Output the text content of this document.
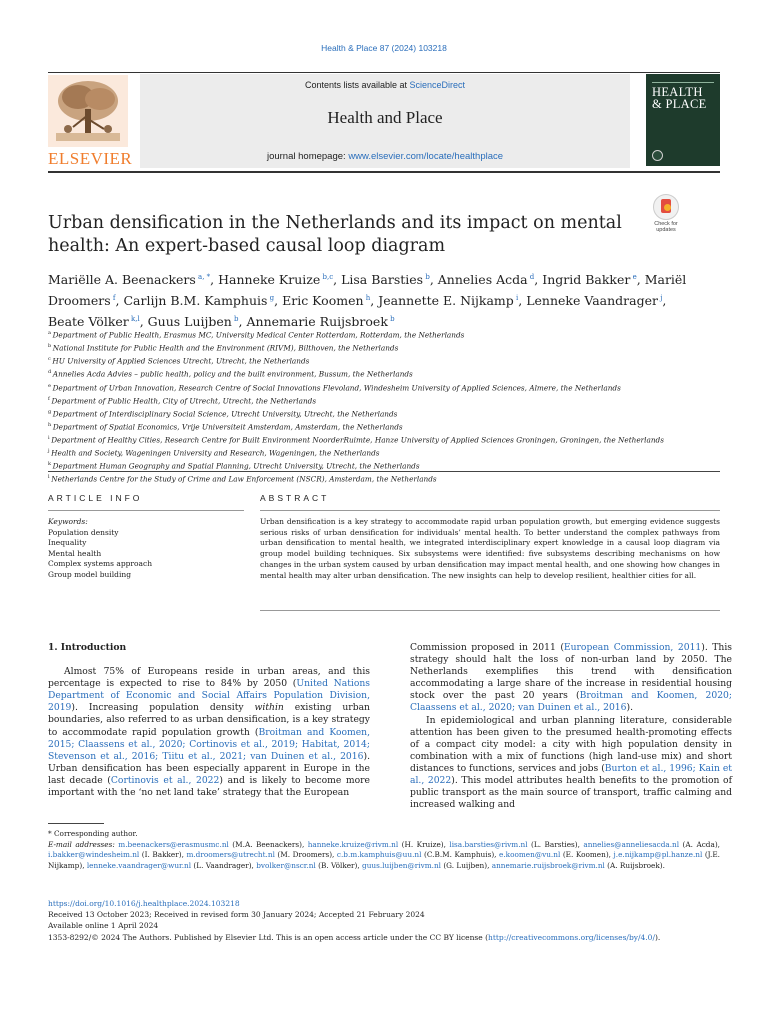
Health & Place 87 (2024) 103218
ELSEVIER
Contents lists available at ScienceDirect
Health and Place
journal homepage: www.elsevier.com/locate/healthplace
HEALTH
& PLACE
Urban densification in the Netherlands and its impact on mental health: An expert-based causal loop diagram
Check for
updates
Mariëlle A. Beenackers $^{a, *}$, Hanneke Kruize $^{b,c}$, Lisa Barsties $^b$, Annelies Acda $^d$, Ingrid Bakker $^e$, Mariël Droomers $^f$, Carlijn B.M. Kamphuis $^g$, Eric Koomen $^h$, Jeannette E. Nijkamp $^i$, Lenneke Vaandrager $^j$, Beate Völker $^{k,l}$, Guus Luijben $^b$, Annemarie Ruijsbroek $^b$
$^a$ Department of Public Health, Erasmus MC, University Medical Center Rotterdam, Rotterdam, the Netherlands
$^b$ National Institute for Public Health and the Environment (RIVM), Bilthoven, the Netherlands
$^c$ HU University of Applied Sciences Utrecht, Utrecht, the Netherlands
$^d$ Annelies Acda Advies – public health, policy and the built environment, Bussum, the Netherlands
$^e$ Department of Urban Innovation, Research Centre of Social Innovations Flevoland, Windesheim University of Applied Sciences, Almere, the Netherlands
$^f$ Department of Public Health, City of Utrecht, Utrecht, the Netherlands
$^g$ Department of Interdisciplinary Social Science, Utrecht University, Utrecht, the Netherlands
$^h$ Department of Spatial Economics, Vrije Universiteit Amsterdam, Amsterdam, the Netherlands
$^i$ Department of Healthy Cities, Research Centre for Built Environment NoorderRuimte, Hanze University of Applied Sciences Groningen, Groningen, the Netherlands
$^j$ Health and Society, Wageningen University and Research, Wageningen, the Netherlands
$^k$ Department Human Geography and Spatial Planning, Utrecht University, Utrecht, the Netherlands
$^l$ Netherlands Centre for the Study of Crime and Law Enforcement (NSCR), Amsterdam, the Netherlands
ARTICLE INFO	ABSTRACT
Keywords:
Population density
Inequality
Mental health
Complex systems approach
Group model building
Urban densification is a key strategy to accommodate rapid urban population growth, but emerging evidence suggests serious risks of urban densification for individuals’ mental health. To better understand the complex pathways from urban densification to mental health, we integrated interdisciplinary expert knowledge in a causal loop diagram via group model building techniques. Six subsystems were identified: five subsystems describing mechanisms on how changes in the urban system caused by urban densification may impact mental health, and one showing how changes in mental health may alter urban densification. The new insights can help to develop resilient, healthier cities for all.
1. Introduction

Almost 75% of Europeans reside in urban areas, and this percentage is expected to rise to 84% by 2050 (United Nations Department of Economic and Social Affairs Population Division, 2019). Increasing population density within existing urban boundaries, also referred to as urban densification, is a key strategy to accommodate rapid population growth (Broitman and Koomen, 2015; Claassens et al., 2020; Cortinovis et al., 2019; Habitat, 2014; Stevenson et al., 2016; Tiitu et al., 2021; van Duinen et al., 2016). Urban densification has been especially apparent in Europe in the last decade (Cortinovis et al., 2022) and is likely to become more important with the ‘no net land take’ strategy that the European

Commission proposed in 2011 (European Commission, 2011). This strategy should halt the loss of non-urban land by 2050. The Netherlands exemplifies this trend with densification accommodating a large share of the increase in residential housing stock over the past 20 years (Broitman and Koomen, 2020; Claassens et al., 2020; van Duinen et al., 2016).

In epidemiological and urban planning literature, considerable attention has been given to the presumed health-promoting effects of a compact city model: a city with high population density in combination with a mix of functions (high land-use mix) and short distances to functions, services and jobs (Burton et al., 1996; Kain et al., 2022). This model attributes health benefits to the promotion of public transport as the main source of transport, traffic calming and increased walking and

* Corresponding author.
E-mail addresses: m.beenackers@erasmusmc.nl (M.A. Beenackers), hanneke.kruize@rivm.nl (H. Kruize), lisa.barsties@rivm.nl (L. Barsties), annelies@anneliesacda.nl (A. Acda), i.bakker@windesheim.nl (I. Bakker), m.droomers@utrecht.nl (M. Droomers), c.b.m.kamphuis@uu.nl (C.B.M. Kamphuis), e.koomen@vu.nl (E. Koomen), j.e.nijkamp@pl.hanze.nl (J.E. Nijkamp), lenneke.vaandrager@wur.nl (L. Vaandrager), bvolker@nscr.nl (B. Völker), guus.luijben@rivm.nl (G. Luijben), annemarie.ruijsbroek@rivm.nl (A. Ruijsbroek).
https://doi.org/10.1016/j.healthplace.2024.103218
Received 13 October 2023; Received in revised form 30 January 2024; Accepted 21 February 2024
Available online 1 April 2024
1353-8292/© 2024 The Authors. Published by Elsevier Ltd. This is an open access article under the CC BY license (http://creativecommons.org/licenses/by/4.0/).
